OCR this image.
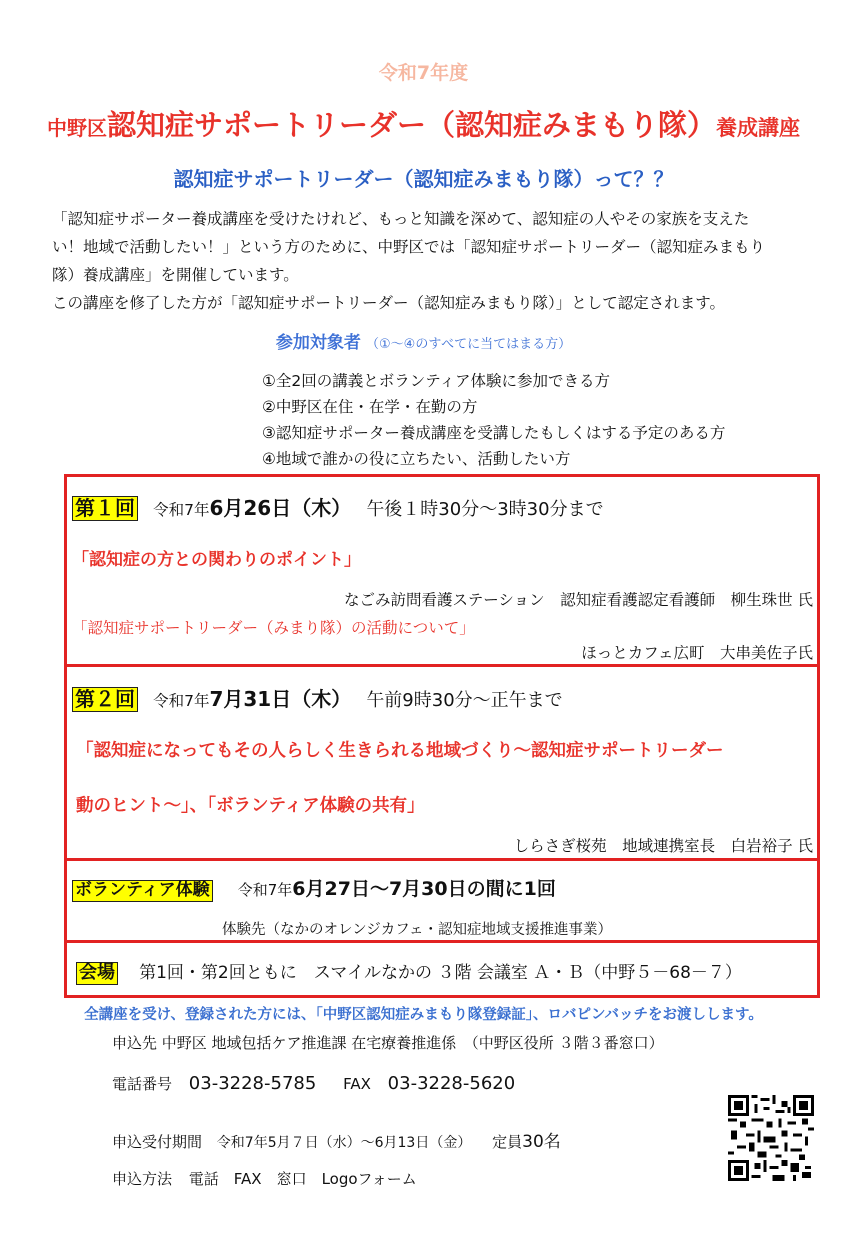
令和7年度
中野区認知症サポートリーダー（認知症みまもり隊）養成講座
認知症サポートリーダー（認知症みまもり隊）って？？

「認知症サポーター養成講座を受けたけれど、もっと知識を深めて、認知症の人やその家族を支えた

い！地域で活動したい！」という方のために、中野区では「認知症サポートリーダー（認知症みまもり

隊）養成講座」を開催しています。

この講座を修了した方が「認知症サポートリーダー（認知症みまもり隊）」として認定されます。

参加対象者 （①～④のすべてに当てはまる方）
①全2回の講義とボランティア体験に参加できる方
②中野区在住・在学・在勤の方
③認知症サポーター養成講座を受講したもしくはする予定のある方
④地域で誰かの役に立ちたい、活動したい方
第１回 令和7年6月26日（木） 午後１時30分～3時30分まで
「認知症の方との関わりのポイント」
なごみ訪問看護ステーション　認知症看護認定看護師　柳生珠世 氏
「認知症サポートリーダー（みまり隊）の活動について」
ほっとカフェ広町　大串美佐子氏
第２回 令和7年7月31日（木） 午前9時30分～正午まで
「認知症になってもその人らしく生きられる地域づくり～認知症サポートリーダー
動のヒント～」、「ボランティア体験の共有」
しらさぎ桜苑　地域連携室長　白岩裕子 氏
ボランティア体験 令和7年6月27日～7月30日の間に1回
体験先（なかのオレンジカフェ・認知症地域支援推進事業）
会場 第1回・第2回ともに　スマイルなかの ３階 会議室 Ａ・Ｂ（中野５－68－７）
全講座を受け、登録された方には、「中野区認知症みまもり隊登録証」、ロバピンバッチをお渡しします。
申込先 中野区 地域包括ケア推進課 在宅療養推進係　（中野区役所 ３階３番窓口）
電話番号 03-3228-5785 FAX 03-3228-5620
申込受付期間 令和7年5月７日（水）～6月13日（金） 定員30名
申込方法 電話　FAX　窓口　Logoフォーム
